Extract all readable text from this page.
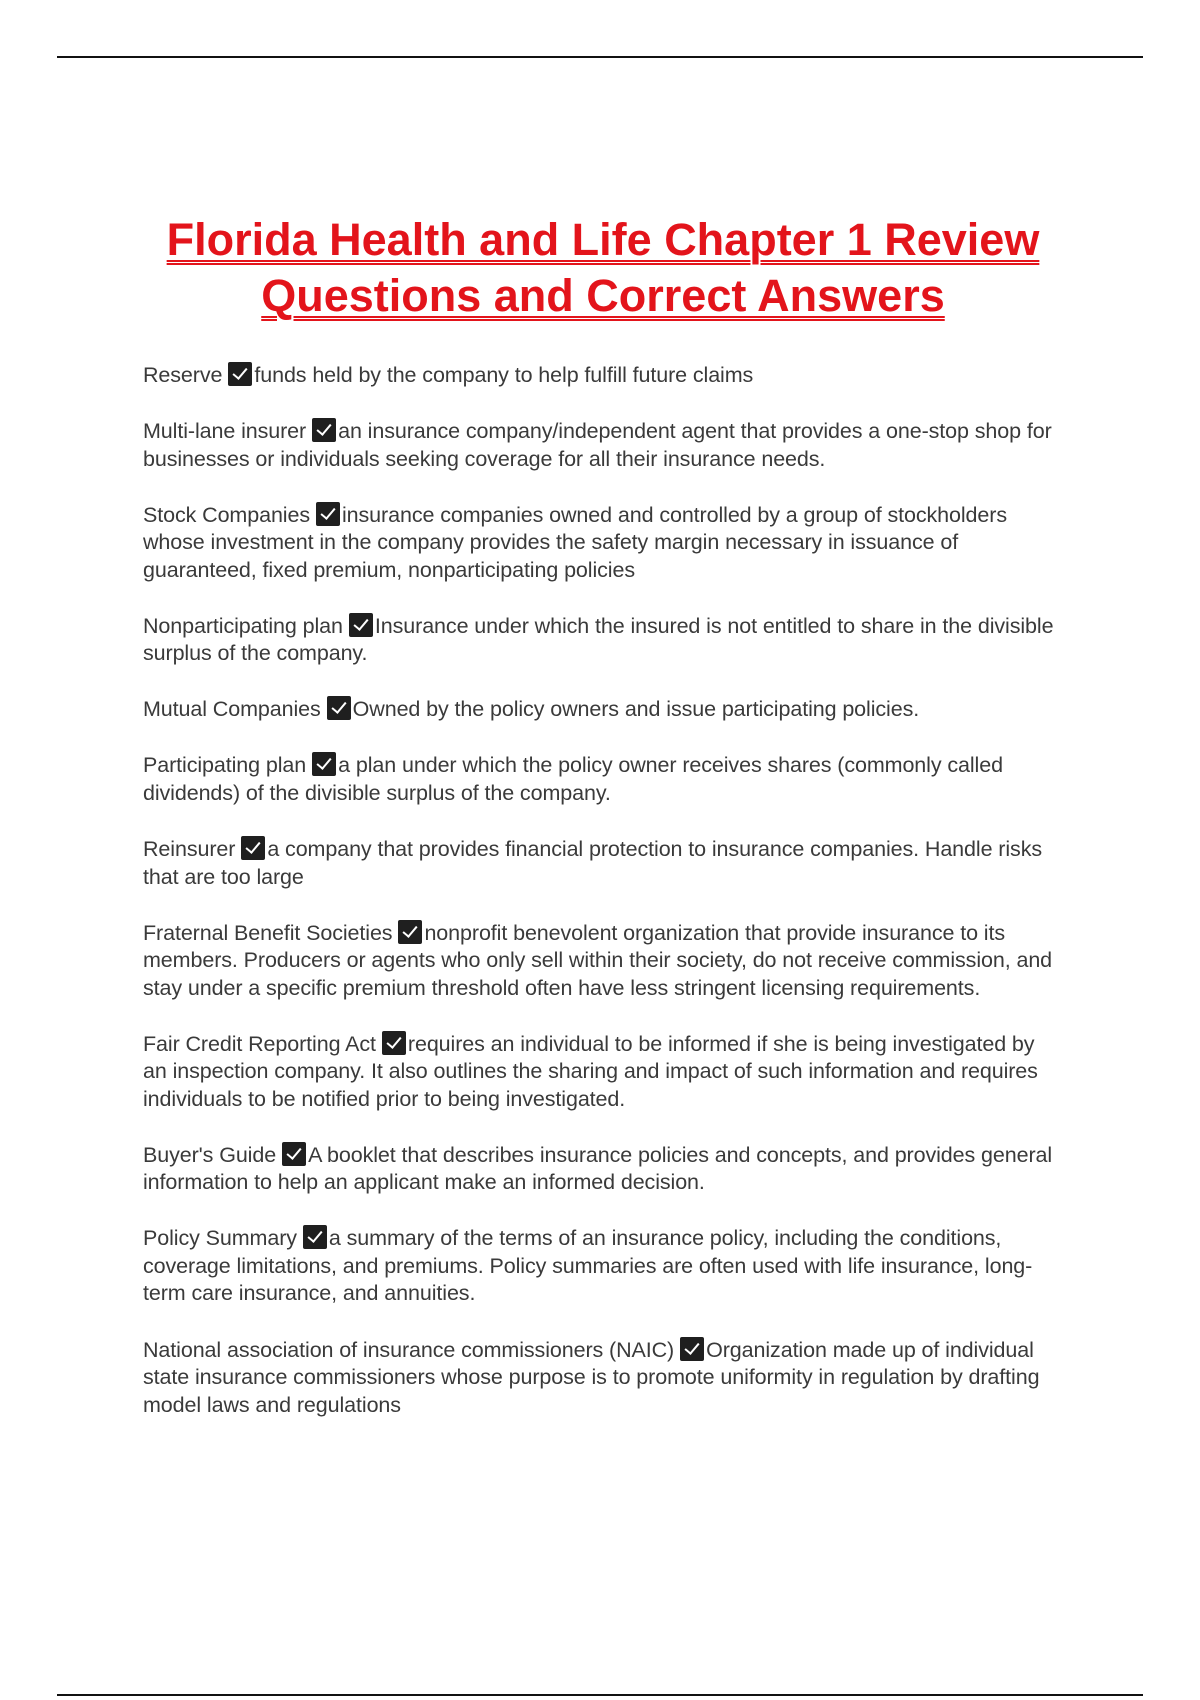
Florida Health and Life Chapter 1 Review Questions and Correct Answers

Reserve funds held by the company to help fulfill future claims

Multi-lane insurer an insurance company/independent agent that provides a one-stop shop for businesses or individuals seeking coverage for all their insurance needs.

Stock Companies insurance companies owned and controlled by a group of stockholders whose investment in the company provides the safety margin necessary in issuance of guaranteed, fixed premium, nonparticipating policies

Nonparticipating plan Insurance under which the insured is not entitled to share in the divisible surplus of the company.

Mutual Companies Owned by the policy owners and issue participating policies.

Participating plan a plan under which the policy owner receives shares (commonly called dividends) of the divisible surplus of the company.

Reinsurer a company that provides financial protection to insurance companies. Handle risks that are too large

Fraternal Benefit Societies nonprofit benevolent organization that provide insurance to its members. Producers or agents who only sell within their society, do not receive commission, and stay under a specific premium threshold often have less stringent licensing requirements.

Fair Credit Reporting Act requires an individual to be informed if she is being investigated by an inspection company. It also outlines the sharing and impact of such information and requires individuals to be notified prior to being investigated.

Buyer's Guide A booklet that describes insurance policies and concepts, and provides general information to help an applicant make an informed decision.

Policy Summary a summary of the terms of an insurance policy, including the conditions, coverage limitations, and premiums. Policy summaries are often used with life insurance, long-term care insurance, and annuities.

National association of insurance commissioners (NAIC) Organization made up of individual state insurance commissioners whose purpose is to promote uniformity in regulation by drafting model laws and regulations
